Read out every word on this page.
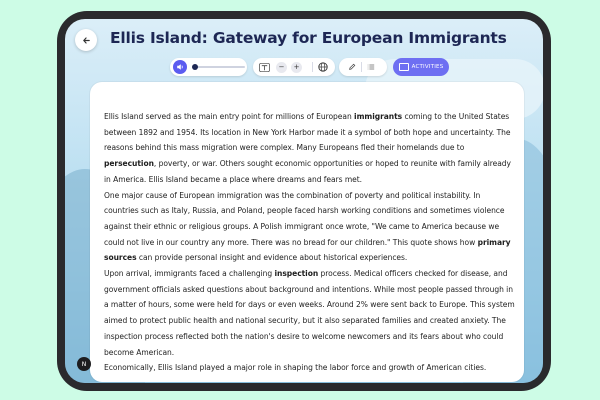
Ellis Island: Gateway for European Immigrants
−	+	ACTIVITIES

Ellis Island served as the main entry point for millions of European immigrants coming to the United States between 1892 and 1954. Its location in New York Harbor made it a symbol of both hope and uncertainty. The reasons behind this mass migration were complex. Many Europeans fled their homelands due to persecution, poverty, or war. Others sought economic opportunities or hoped to reunite with family already in America. Ellis Island became a place where dreams and fears met.

One major cause of European immigration was the combination of poverty and political instability. In countries such as Italy, Russia, and Poland, people faced harsh working conditions and sometimes violence against their ethnic or religious groups. A Polish immigrant once wrote, "We came to America because we could not live in our country any more. There was no bread for our children." This quote shows how primary sources can provide personal insight and evidence about historical experiences.

Upon arrival, immigrants faced a challenging inspection process. Medical officers checked for disease, and government officials asked questions about background and intentions. While most people passed through in a matter of hours, some were held for days or even weeks. Around 2% were sent back to Europe. This system aimed to protect public health and national security, but it also separated families and created anxiety. The inspection process reflected both the nation's desire to welcome newcomers and its fears about who could become American.

Economically, Ellis Island played a major role in shaping the labor force and growth of American cities.

N
